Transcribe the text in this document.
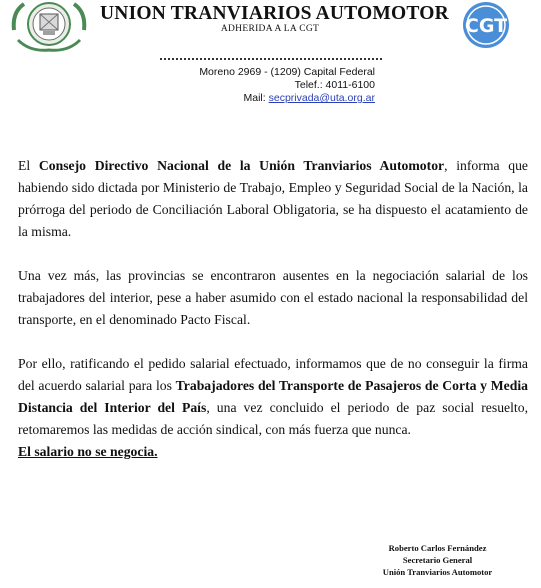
UNION TRANVIARIOS AUTOMOTOR
ADHERIDA A LA CGT	CGT
Moreno 2969 - (1209) Capital Federal
Telef.: 4011-6100
Mail: secprivada@uta.org.ar

El Consejo Directivo Nacional de la Unión Tranviarios Automotor, informa que habiendo sido dictada por Ministerio de Trabajo, Empleo y Seguridad Social de la Nación, la prórroga del periodo de Conciliación Laboral Obligatoria, se ha dispuesto el acatamiento de la misma.

Una vez más, las provincias se encontraron ausentes en la negociación salarial de los trabajadores del interior, pese a haber asumido con el estado nacional la responsabilidad del transporte, en el denominado Pacto Fiscal.

Por ello, ratificando el pedido salarial efectuado, informamos que de no conseguir la firma del acuerdo salarial para los Trabajadores del Transporte de Pasajeros de Corta y Media Distancia del Interior del País, una vez concluido el periodo de paz social resuelto, retomaremos las medidas de acción sindical, con más fuerza que nunca.
El salario no se negocia.

Roberto Carlos Fernández
Secretario General
Unión Tranviarios Automotor
